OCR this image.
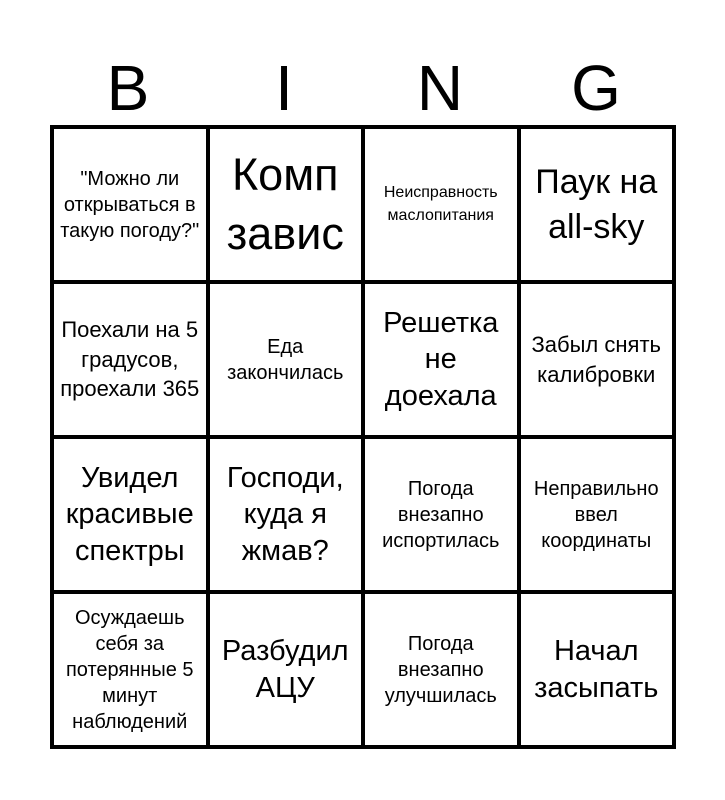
B	I	N	G
"Можно ли открываться в такую погоду?"
Комп завис
Неисправность маслопитания
Паук на all-sky
Поехали на 5 градусов, проехали 365
Еда закончилась
Решетка не доехала
Забыл снять калибровки
Увидел красивые спектры
Господи, куда я жмав?
Погода внезапно испортилась
Неправильно ввел координаты
Осуждаешь себя за потерянные 5 минут наблюдений
Разбудил АЦУ
Погода внезапно улучшилась
Начал засыпать
